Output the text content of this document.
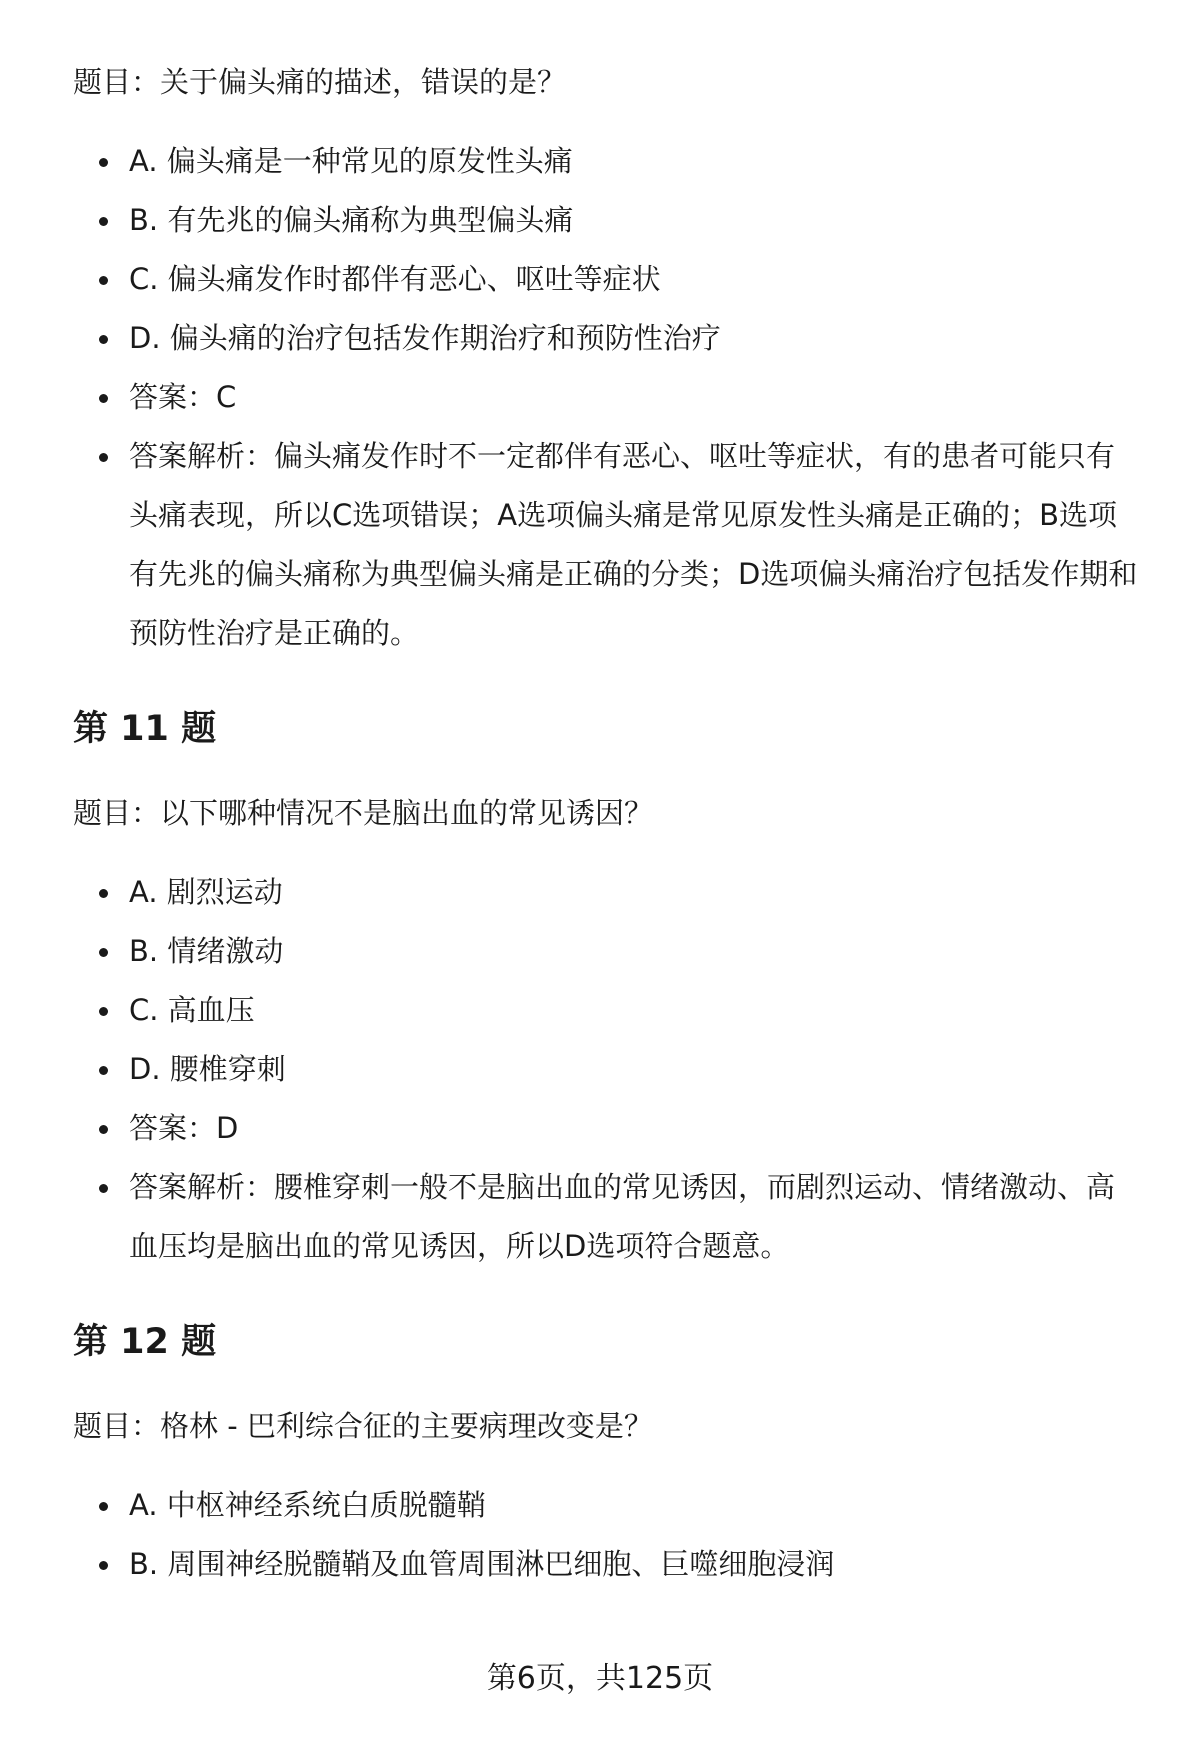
题目：关于偏头痛的描述，错误的是？

A. 偏头痛是一种常见的原发性头痛
B. 有先兆的偏头痛称为典型偏头痛
C. 偏头痛发作时都伴有恶心、呕吐等症状
D. 偏头痛的治疗包括发作期治疗和预防性治疗
答案：C
答案解析：偏头痛发作时不一定都伴有恶心、呕吐等症状，有的患者可能只有头痛表现，所以C选项错误；A选项偏头痛是常见原发性头痛是正确的；B选项有先兆的偏头痛称为典型偏头痛是正确的分类；D选项偏头痛治疗包括发作期和预防性治疗是正确的。
第 11 题

题目：以下哪种情况不是脑出血的常见诱因？

A. 剧烈运动
B. 情绪激动
C. 高血压
D. 腰椎穿刺
答案：D
答案解析：腰椎穿刺一般不是脑出血的常见诱因，而剧烈运动、情绪激动、高血压均是脑出血的常见诱因，所以D选项符合题意。
第 12 题

题目：格林 - 巴利综合征的主要病理改变是？

A. 中枢神经系统白质脱髓鞘
B. 周围神经脱髓鞘及血管周围淋巴细胞、巨噬细胞浸润
第6页，共125页
